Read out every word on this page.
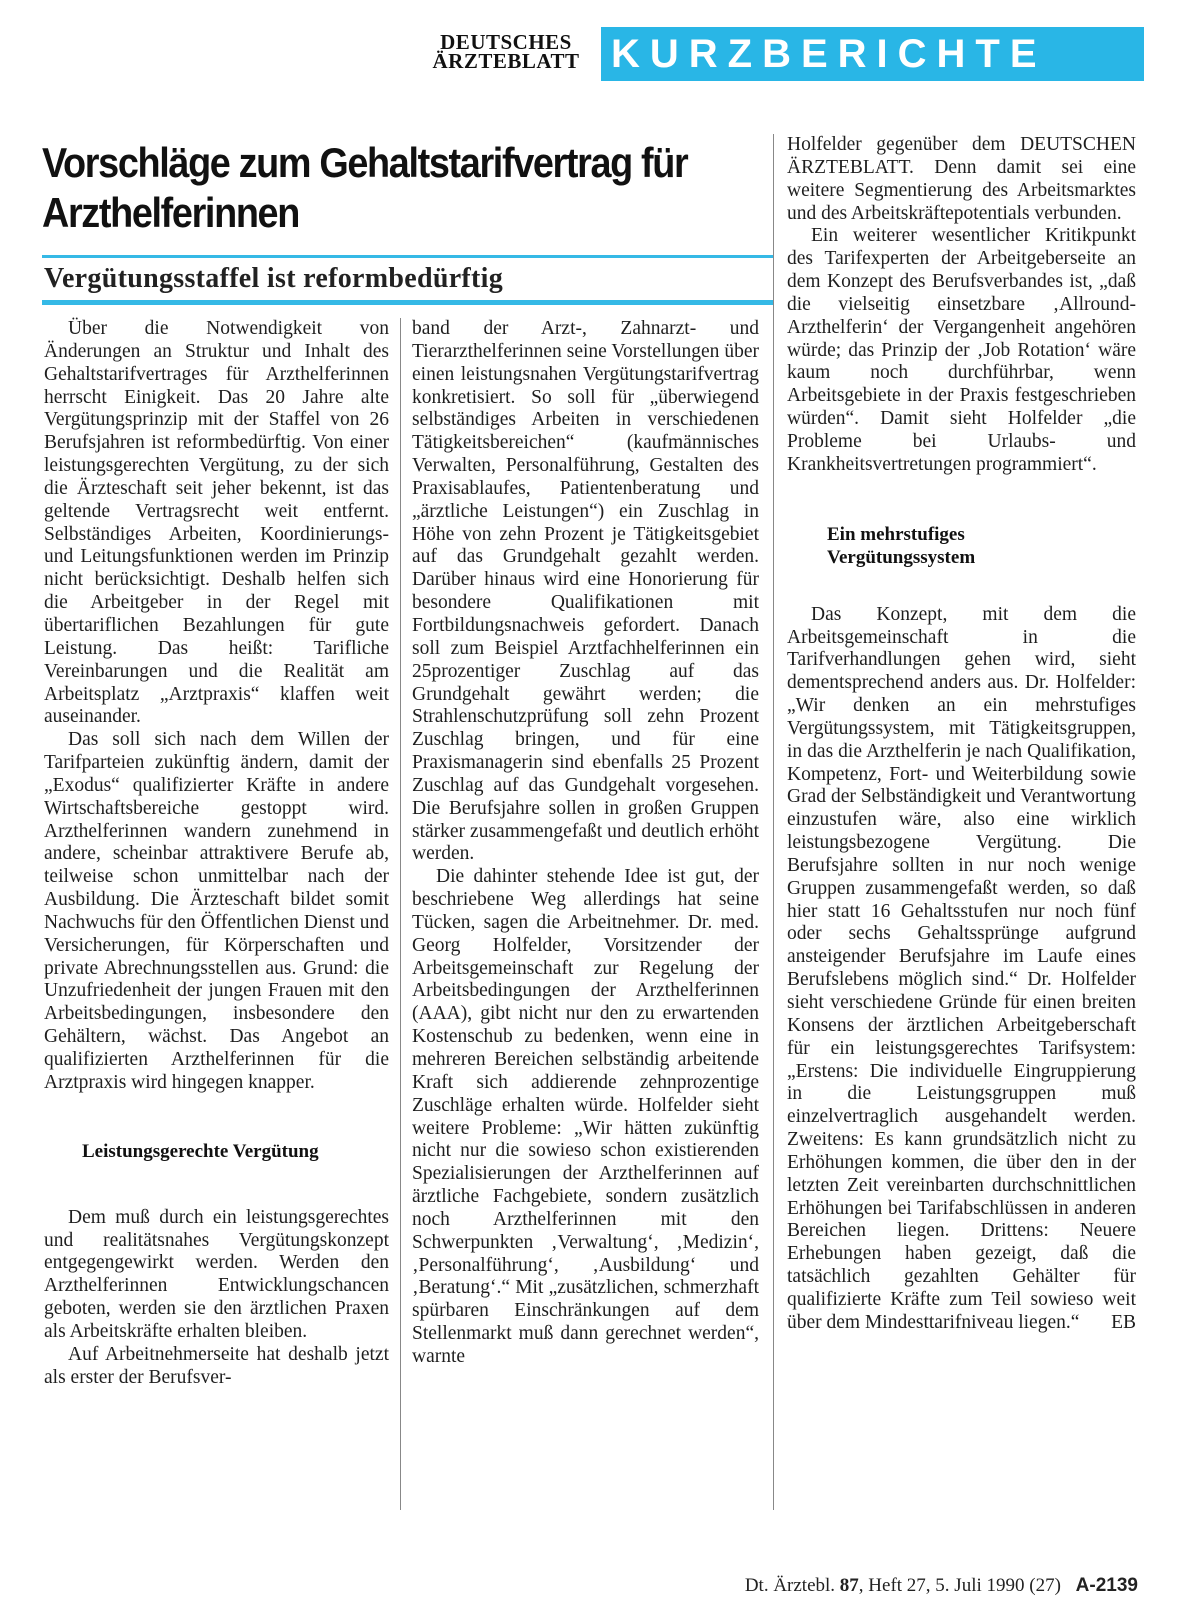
DEUTSCHES
ÄRZTEBLATT KURZBERICHTE
Vorschläge zum Gehaltstarifvertrag für Arzthelferinnen
Vergütungsstaffel ist reformbedürftig

Über die Notwendigkeit von Änderungen an Struktur und Inhalt des Gehaltstarifvertrages für Arzthelferinnen herrscht Einigkeit. Das 20 Jahre alte Vergütungsprinzip mit der Staffel von 26 Berufsjahren ist reformbedürftig. Von einer leistungsgerechten Vergütung, zu der sich die Ärzteschaft seit jeher bekennt, ist das geltende Vertragsrecht weit entfernt. Selbständiges Arbeiten, Koordinierungs- und Leitungsfunktionen werden im Prinzip nicht berücksichtigt. Deshalb helfen sich die Arbeitgeber in der Regel mit übertariflichen Bezahlungen für gute Leistung. Das heißt: Tarifliche Vereinbarungen und die Realität am Arbeitsplatz „Arztpraxis“ klaffen weit auseinander.

Das soll sich nach dem Willen der Tarifparteien zukünftig ändern, damit der „Exodus“ qualifizierter Kräfte in andere Wirtschaftsbereiche gestoppt wird. Arzthelferinnen wandern zunehmend in andere, scheinbar attraktivere Berufe ab, teilweise schon unmittelbar nach der Ausbildung. Die Ärzteschaft bildet somit Nachwuchs für den Öffentlichen Dienst und Versicherungen, für Körperschaften und private Abrechnungsstellen aus. Grund: die Unzufriedenheit der jungen Frauen mit den Arbeitsbedingungen, insbesondere den Gehältern, wächst. Das Angebot an qualifizierten Arzthelferinnen für die Arztpraxis wird hingegen knapper.

Leistungsgerechte Vergütung

Dem muß durch ein leistungsgerechtes und realitätsnahes Vergütungskonzept entgegengewirkt werden. Werden den Arzthelferinnen Entwicklungschancen geboten, werden sie den ärztlichen Praxen als Arbeitskräfte erhalten bleiben.

Auf Arbeitnehmerseite hat deshalb jetzt als erster der Berufsver-

band der Arzt-, Zahnarzt- und Tierarzthelferinnen seine Vorstellungen über einen leistungsnahen Vergütungstarifvertrag konkretisiert. So soll für „überwiegend selbständiges Arbeiten in verschiedenen Tätigkeitsbereichen“ (kaufmännisches Verwalten, Personalführung, Gestalten des Praxisablaufes, Patientenberatung und „ärztliche Leistungen“) ein Zuschlag in Höhe von zehn Prozent je Tätigkeitsgebiet auf das Grundgehalt gezahlt werden. Darüber hinaus wird eine Honorierung für besondere Qualifikationen mit Fortbildungsnachweis gefordert. Danach soll zum Beispiel Arztfachhelferinnen ein 25prozentiger Zuschlag auf das Grundgehalt gewährt werden; die Strahlenschutzprüfung soll zehn Prozent Zuschlag bringen, und für eine Praxismanagerin sind ebenfalls 25 Prozent Zuschlag auf das Gundgehalt vorgesehen. Die Berufsjahre sollen in großen Gruppen stärker zusammengefaßt und deutlich erhöht werden.

Die dahinter stehende Idee ist gut, der beschriebene Weg allerdings hat seine Tücken, sagen die Arbeitnehmer. Dr. med. Georg Holfelder, Vorsitzender der Arbeitsgemeinschaft zur Regelung der Arbeitsbedingungen der Arzthelferinnen (AAA), gibt nicht nur den zu erwartenden Kostenschub zu bedenken, wenn eine in mehreren Bereichen selbständig arbeitende Kraft sich addierende zehnprozentige Zuschläge erhalten würde. Holfelder sieht weitere Probleme: „Wir hätten zukünftig nicht nur die sowieso schon existierenden Spezialisierungen der Arzthelferinnen auf ärztliche Fachgebiete, sondern zusätzlich noch Arzthelferinnen mit den Schwerpunkten ‚Verwaltung‘, ‚Medizin‘, ‚Personalführung‘, ‚Ausbildung‘ und ‚Beratung‘.“ Mit „zusätzlichen, schmerzhaft spürbaren Einschränkungen auf dem Stellenmarkt muß dann gerechnet werden“, warnte

Holfelder gegenüber dem DEUTSCHEN ÄRZTEBLATT. Denn damit sei eine weitere Segmentierung des Arbeitsmarktes und des Arbeitskräftepotentials verbunden.

Ein weiterer wesentlicher Kritikpunkt des Tarifexperten der Arbeitgeberseite an dem Konzept des Berufsverbandes ist, „daß die vielseitig einsetzbare ‚Allround-Arzthelferin‘ der Vergangenheit angehören würde; das Prinzip der ‚Job Rotation‘ wäre kaum noch durchführbar, wenn Arbeitsgebiete in der Praxis festgeschrieben würden“. Damit sieht Holfelder „die Probleme bei Urlaubs- und Krankheitsvertretungen programmiert“.

Ein mehrstufiges
Vergütungssystem

Das Konzept, mit dem die Arbeitsgemeinschaft in die Tarifverhandlungen gehen wird, sieht dementsprechend anders aus. Dr. Holfelder: „Wir denken an ein mehrstufiges Vergütungssystem, mit Tätigkeitsgruppen, in das die Arzthelferin je nach Qualifikation, Kompetenz, Fort- und Weiterbildung sowie Grad der Selbständigkeit und Verantwortung einzustufen wäre, also eine wirklich leistungsbezogene Vergütung. Die Berufsjahre sollten in nur noch wenige Gruppen zusammengefaßt werden, so daß hier statt 16 Gehaltsstufen nur noch fünf oder sechs Gehaltssprünge aufgrund ansteigender Berufsjahre im Laufe eines Berufslebens möglich sind.“ Dr. Holfelder sieht verschiedene Gründe für einen breiten Konsens der ärztlichen Arbeitgeberschaft für ein leistungsgerechtes Tarifsystem: „Erstens: Die individuelle Eingruppierung in die Leistungsgruppen muß einzelvertraglich ausgehandelt werden. Zweitens: Es kann grundsätzlich nicht zu Erhöhungen kommen, die über den in der letzten Zeit vereinbarten durchschnittlichen Erhöhungen bei Tarifabschlüssen in anderen Bereichen liegen. Drittens: Neuere Erhebungen haben gezeigt, daß die tatsächlich gezahlten Gehälter für qualifizierte Kräfte zum Teil sowieso weit über dem Mindesttarifniveau liegen.“	EB
Dt. Ärztebl. 87, Heft 27, 5. Juli 1990 (27) A-2139
